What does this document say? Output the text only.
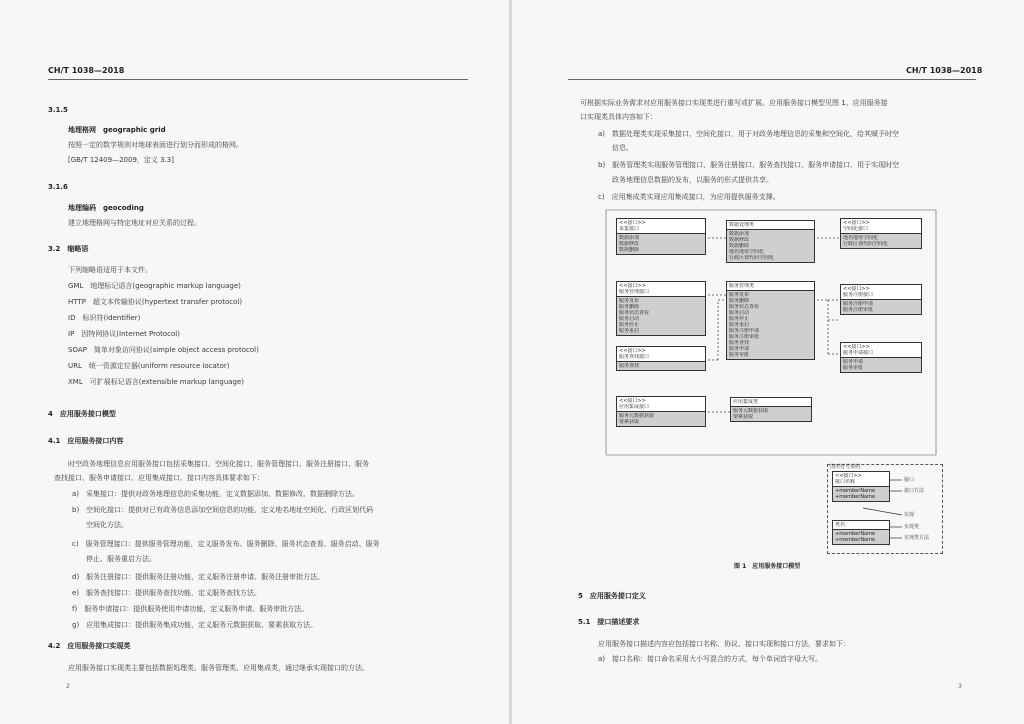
CH/T 1038—2018
3.1.5
地理格网　geographic grid
按照一定的数学规则对地球表面进行划分而形成的格网。
[GB/T 12409—2009，定义 3.3]
3.1.6
地理编码　geocoding
建立地理格网与特定地址对应关系的过程。
3.2　缩略语
下列缩略语适用于本文件。
GML　地理标记语言(geographic markup language)
HTTP　超文本传输协议(hypertext transfer protocol)
ID　标识符(identifier)
IP　因特网协议(Internet Protocol)
SOAP　简单对象访问协议(simple object access protocol)
URL　统一资源定位器(uniform resource locator)
XML　可扩展标记语言(extensible markup language)
4　应用服务接口模型
4.1　应用服务接口内容
时空政务地理信息应用服务接口包括采集接口、空间化接口、服务管理接口、服务注册接口、服务
查找接口、服务申请接口、应用集成接口。接口内容具体要求如下：
a)　采集接口：提供对政务地理信息的采集功能，定义数据添加、数据修改、数据删除方法。
b)　空间化接口：提供对已有政务信息添加空间信息的功能，定义地名地址空间化、行政区划代码
　　空间化方法。
c)　服务管理接口：提供服务管理功能，定义服务发布、服务删除、服务状态查看、服务启动、服务
　　停止、服务重启方法。
d)　服务注册接口：提供服务注册功能，定义服务注册申请、服务注册审批方法。
e)　服务查找接口：提供服务查找功能，定义服务查找方法。
f)　服务申请接口：提供服务使用申请功能，定义服务申请、服务审批方法。
g)　应用集成接口：提供服务集成功能，定义服务元数据获取、要素获取方法。
4.2　应用服务接口实现类
应用服务接口实现类主要包括数据処理类、服务管理类、应用集成类，通过继承实现接口的方法。
2
CH/T 1038—2018
可根据实际业务需求对应用服务接口实现类进行重写或扩展。应用服务接口模型见图 1。应用服务接
口实现类具体内容如下：
a)　数据处理类实现采集接口、空间化接口，用于对政务地理信息的采集和空间化，给其赋予时空
　　信息。
b)　服务管理类实现服务管理接口、服务注册接口、服务查找接口、服务申请接口，用于实现时空
　　政务地理信息数据的发布，以服务的形式提供共享。
c)　应用集成类实现应用集成接口，为应用提供服务支撑。
<<接口>>
采集接口
数据添加
数据修改
数据删除
数据处理类
数据添加
数据修改
数据删除
地名地址空间化
行政区划代码空间化
<<接口>>
空间化接口
地名地址空间化
行政区划代码空间化
<<接口>>
服务管理接口
服务发布
服务删除
服务状态查看
服务启动
服务停止
服务重启
服务管理类
服务发布
服务删除
服务状态查看
服务启动
服务停止
服务重启
服务注册申请
服务注册审批
服务查找
服务申请
服务审批
<<接口>>
服务注册接口
服务注册申请
服务注册审批
<<接口>>
服务查找接口
服务查找
<<接口>>
服务申请接口
服务申请
服务审批
<<接口>>
应用集成接口
服务元数据获取
要素获取
应用集成类
服务元数据获取
要素获取
图形符号说明
<<接口>>
接口名称
+memberName
+memberName
类名
+memberName
+memberName
接口
接口方法
实现
实现类
实现类方法
图 1　应用服务接口模型
5　应用服务接口定义
5.1　接口描述要求
应用服务接口描述内容应包括接口名称、协议、接口实现和接口方法，要求如下：
a)　接口名称：接口命名采用大小写混合的方式，每个单词首字母大写。
3
